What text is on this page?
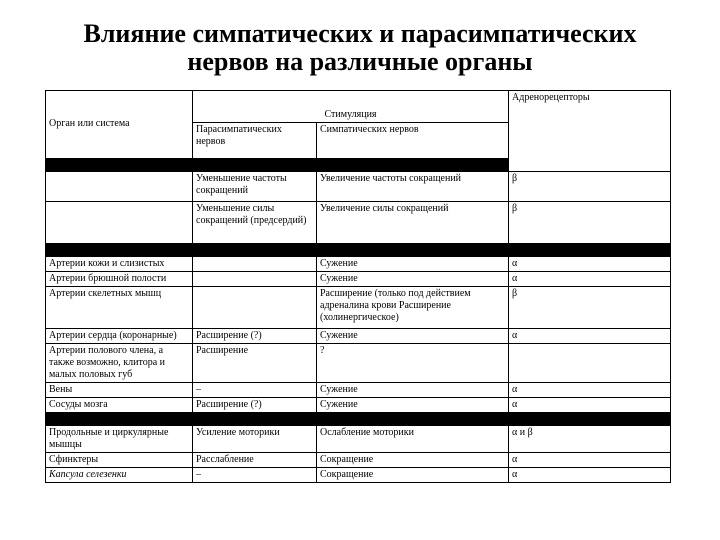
Влияние симпатических и парасимпатических
нервов на различные органы
Орган или система	Стимуляция		Адренорецепторы
	Парасимпатических нервов	Симпатических нервов	

	Уменьшение частоты сокращений	Увеличение частоты сокращений	β
	Уменьшение силы сокращений (предсердий)	Увеличение силы сокращений	β

Артерии кожи и слизистых		Сужение	α
Артерии брюшной полости		Сужение	α
Артерии скелетных мышц		Расширение (только под действием адреналина крови Расширение (холинергическое)	β
Артерии сердца (коронарные)	Расширение (?)	Сужение	α
Артерии полового члена, а также возможно, клитора и малых половых губ	Расширение	?	
Вены	–	Сужение	α
Сосуды мозга	Расширение (?)	Сужение	α

Продольные и циркулярные мышцы	Усиление моторики	Ослабление моторики	α и β
Сфинктеры	Расслабление	Сокращение	α
Капсула селезенки	–	Сокращение	α
